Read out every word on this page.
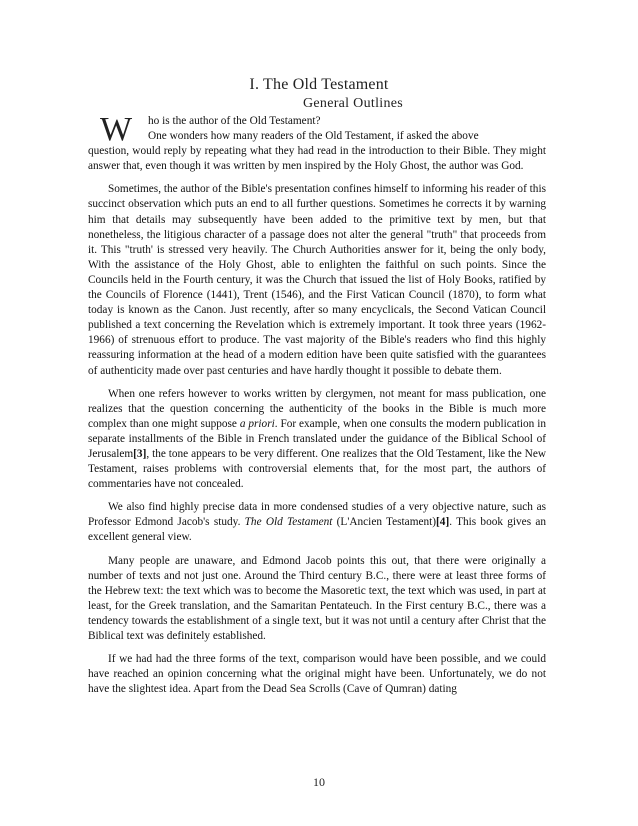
I. The Old Testament
General Outlines

W	ho is the author of the Old Testament?
One wonders how many readers of the Old Testament, if asked the above
question, would reply by repeating what they had read in the introduction to their Bible. They might answer that, even though it was written by men inspired by the Holy Ghost, the author was God.

Sometimes, the author of the Bible's presentation confines himself to informing his reader of this succinct observation which puts an end to all further questions. Sometimes he corrects it by warning him that details may subsequently have been added to the primitive text by men, but that nonetheless, the litigious character of a passage does not alter the general "truth" that proceeds from it. This "truth' is stressed very heavily. The Church Authorities answer for it, being the only body, With the assistance of the Holy Ghost, able to enlighten the faithful on such points. Since the Councils held in the Fourth century, it was the Church that issued the list of Holy Books, ratified by the Councils of Florence (1441), Trent (1546), and the First Vatican Council (1870), to form what today is known as the Canon. Just recently, after so many encyclicals, the Second Vatican Council published a text concerning the Revelation which is extremely important. It took three years (1962-1966) of strenuous effort to produce. The vast majority of the Bible's readers who find this highly reassuring information at the head of a modern edition have been quite satisfied with the guarantees of authenticity made over past centuries and have hardly thought it possible to debate them.

When one refers however to works written by clergymen, not meant for mass publication, one realizes that the question concerning the authenticity of the books in the Bible is much more complex than one might suppose a priori. For example, when one consults the modern publication in separate installments of the Bible in French translated under the guidance of the Biblical School of Jerusalem[3], the tone appears to be very different. One realizes that the Old Testament, like the New Testament, raises problems with controversial elements that, for the most part, the authors of commentaries have not concealed.

We also find highly precise data in more condensed studies of a very objective nature, such as Professor Edmond Jacob's study. The Old Testament (L'Ancien Testament)[4]. This book gives an excellent general view.

Many people are unaware, and Edmond Jacob points this out, that there were originally a number of texts and not just one. Around the Third century B.C., there were at least three forms of the Hebrew text: the text which was to become the Masoretic text, the text which was used, in part at least, for the Greek translation, and the Samaritan Pentateuch. In the First century B.C., there was a tendency towards the establishment of a single text, but it was not until a century after Christ that the Biblical text was definitely established.

If we had had the three forms of the text, comparison would have been possible, and we could have reached an opinion concerning what the original might have been. Unfortunately, we do not have the slightest idea. Apart from the Dead Sea Scrolls (Cave of Qumran) dating

10
